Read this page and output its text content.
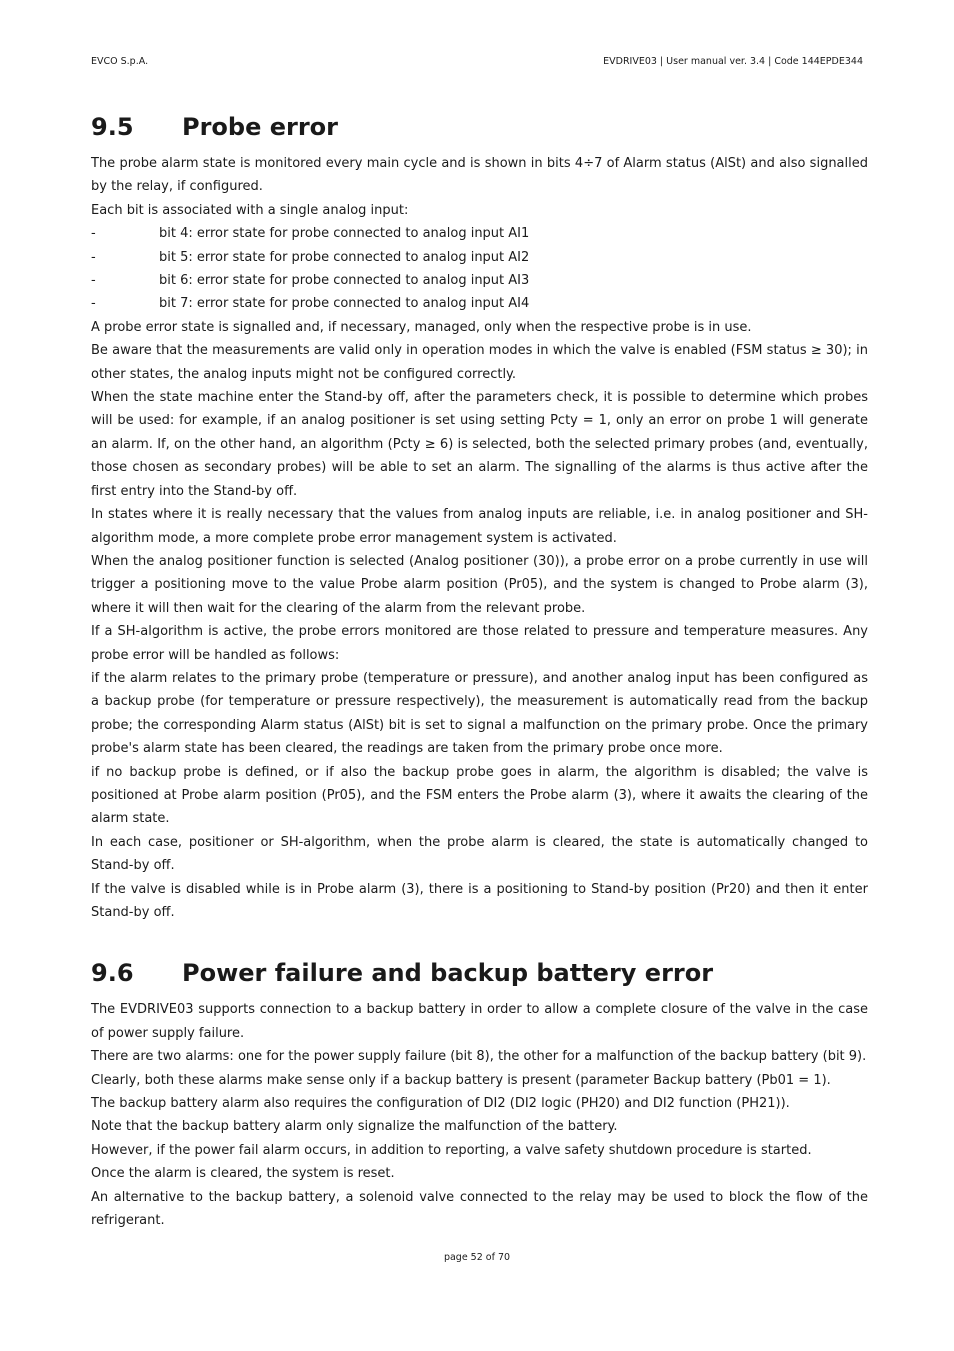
EVCO S.p.A.	EVDRIVE03 | User manual ver. 3.4 | Code 144EPDE344
9.5	Probe error

The probe alarm state is monitored every main cycle and is shown in bits 4÷7 of Alarm status (AlSt) and also signalled by the relay, if configured.

Each bit is associated with a single analog input:

-	bit 4: error state for probe connected to analog input AI1
-	bit 5: error state for probe connected to analog input AI2
-	bit 6: error state for probe connected to analog input AI3
-	bit 7: error state for probe connected to analog input AI4

A probe error state is signalled and, if necessary, managed, only when the respective probe is in use.

Be aware that the measurements are valid only in operation modes in which the valve is enabled (FSM status ≥ 30); in other states, the analog inputs might not be configured correctly.

When the state machine enter the Stand-by off, after the parameters check, it is possible to determine which probes will be used: for example, if an analog positioner is set using setting Pcty = 1, only an error on probe 1 will generate an alarm. If, on the other hand, an algorithm (Pcty ≥ 6) is selected, both the selected primary probes (and, eventually, those chosen as secondary probes) will be able to set an alarm. The signalling of the alarms is thus active after the first entry into the Stand-by off.

In states where it is really necessary that the values from analog inputs are reliable, i.e. in analog positioner and SH-algorithm mode, a more complete probe error management system is activated.

When the analog positioner function is selected (Analog positioner (30)), a probe error on a probe currently in use will trigger a positioning move to the value Probe alarm position (Pr05), and the system is changed to Probe alarm (3), where it will then wait for the clearing of the alarm from the relevant probe.

If a SH-algorithm is active, the probe errors monitored are those related to pressure and temperature measures. Any probe error will be handled as follows:

if the alarm relates to the primary probe (temperature or pressure), and another analog input has been configured as a backup probe (for temperature or pressure respectively), the measurement is automatically read from the backup probe; the corresponding Alarm status (AlSt) bit is set to signal a malfunction on the primary probe. Once the primary probe's alarm state has been cleared, the readings are taken from the primary probe once more.

if no backup probe is defined, or if also the backup probe goes in alarm, the algorithm is disabled; the valve is positioned at Probe alarm position (Pr05), and the FSM enters the Probe alarm (3), where it awaits the clearing of the alarm state.

In each case, positioner or SH-algorithm, when the probe alarm is cleared, the state is automatically changed to Stand-by off.

If the valve is disabled while is in Probe alarm (3), there is a positioning to Stand-by position (Pr20) and then it enter Stand-by off.

9.6	Power failure and backup battery error

The EVDRIVE03 supports connection to a backup battery in order to allow a complete closure of the valve in the case of power supply failure.

There are two alarms: one for the power supply failure (bit 8), the other for a malfunction of the backup battery (bit 9).

Clearly, both these alarms make sense only if a backup battery is present (parameter Backup battery (Pb01 = 1).

The backup battery alarm also requires the configuration of DI2 (DI2 logic (PH20) and DI2 function (PH21)).

Note that the backup battery alarm only signalize the malfunction of the battery.

However, if the power fail alarm occurs, in addition to reporting, a valve safety shutdown procedure is started.

Once the alarm is cleared, the system is reset.

An alternative to the backup battery, a solenoid valve connected to the relay may be used to block the flow of the refrigerant.

page 52 of 70
